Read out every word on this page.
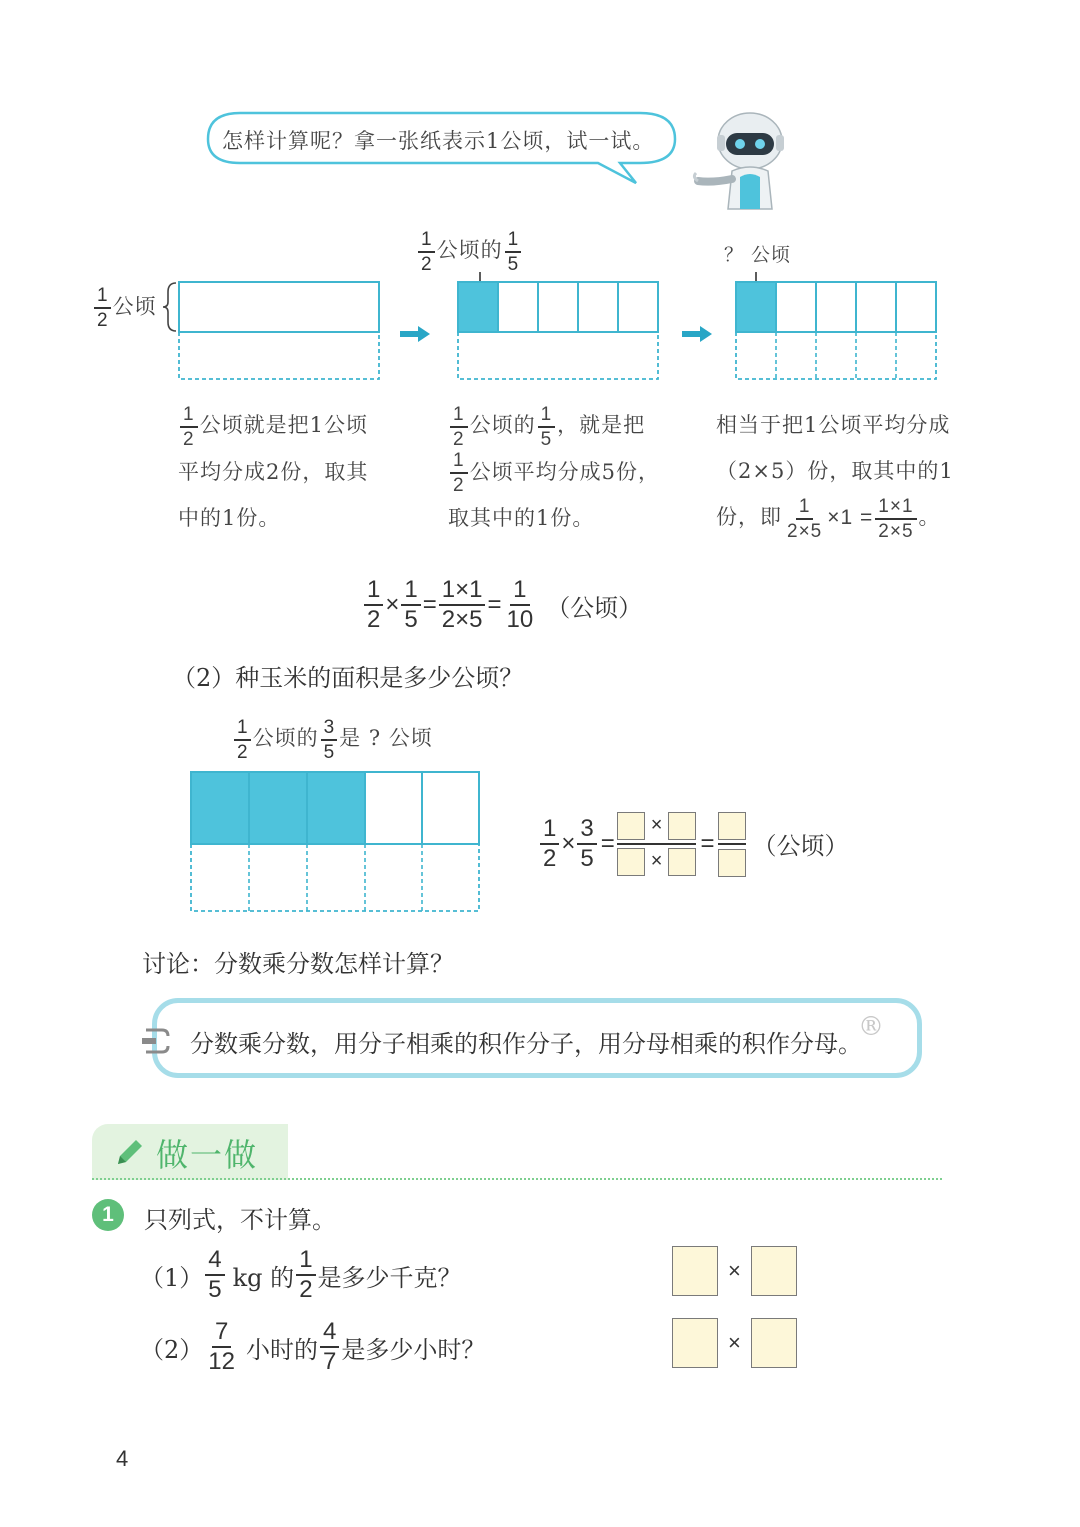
怎样计算呢？拿一张纸表示1公顷，试一试。
$\frac{1}{2}$ 公顷
$\frac{1}{2}$ 公顷的 $\frac{1}{5}$	？ 公顷
$\frac{1}{2}$ 公顷就是把1公顷
平均分成2份，取其
中的1份。
$\frac{1}{2}$ 公顷的 $\frac{1}{5}$ ，就是把
$\frac{1}{2}$ 公顷平均分成5份，
取其中的1份。
相当于把1公顷平均分成
（2×5）份，取其中的1
份，即 $\frac{1}{2\times 5} \times 1 = \frac{1\times 1}{2\times 5}$ 。
$\frac{1}{2} \times \frac{1}{5} = \frac{1\times 1}{2\times 5} = \frac{1}{10}$ （公顷）
（2）种玉米的面积是多少公顷？
$\frac{1}{2}$ 公顷的 $\frac{3}{5}$ 是 ? 公顷
$\frac{1}{2} \times \frac{3}{5}$ =
×
×
= （公顷）
讨论：分数乘分数怎样计算？
分数乘分数，用分子相乘的积作分子，用分母相乘的积作分母。
®
做一做
1	只列式，不计算。
$(1) \frac{4}{5}$ kg 的 $\frac{1}{2}$ 是多少千克？	×
$(2) \frac{7}{12}$ 小时的 $\frac{4}{7}$ 是多少小时？	×
4
